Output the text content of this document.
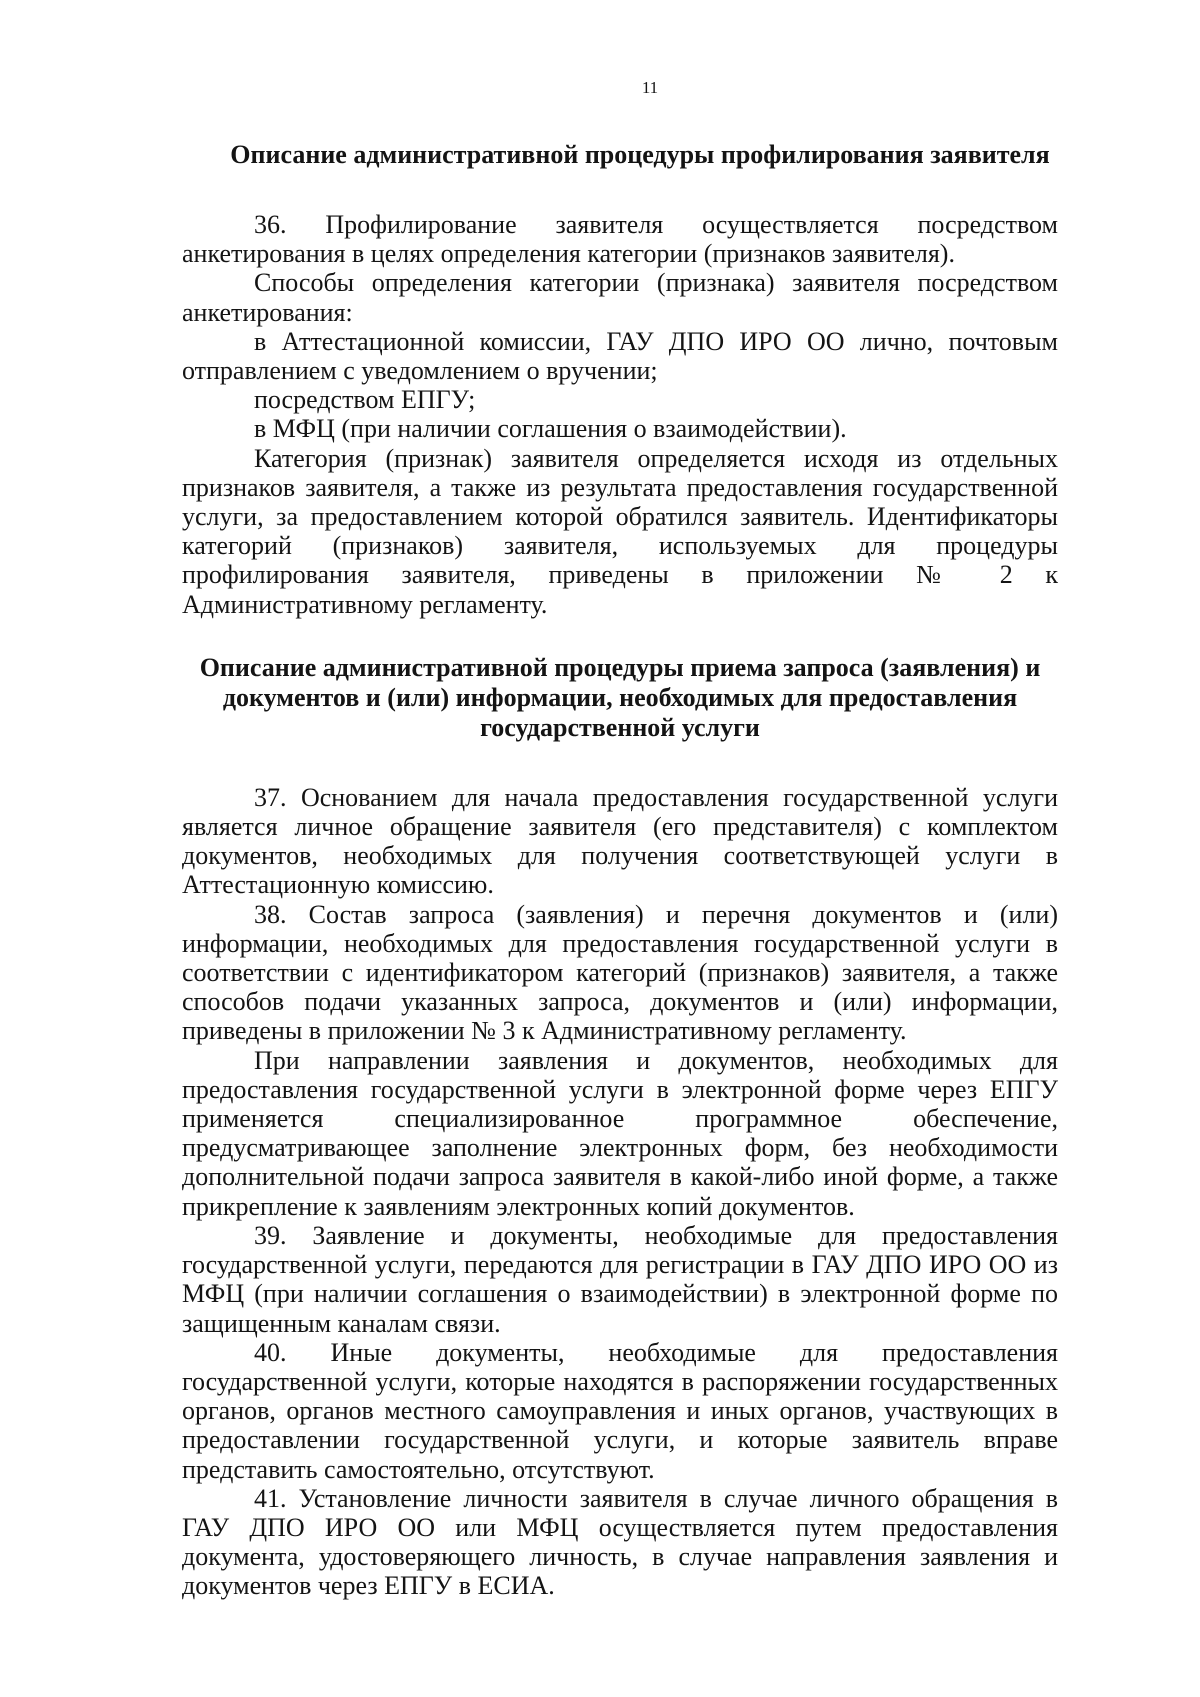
11
Описание административной процедуры профилирования заявителя

36. Профилирование заявителя осуществляется посредством анкетирования в целях определения категории (признаков заявителя).

Способы определения категории (признака) заявителя посредством анкетирования:

в Аттестационной комиссии, ГАУ ДПО ИРО ОО лично, почтовым отправлением с уведомлением о вручении;

посредством ЕПГУ;

в МФЦ (при наличии соглашения о взаимодействии).

Категория (признак) заявителя определяется исходя из отдельных признаков заявителя, а также из результата предоставления государственной услуги, за предоставлением которой обратился заявитель. Идентификаторы категорий (признаков) заявителя, используемых для процедуры профилирования заявителя, приведены в приложении № 2 к Административному регламенту.

Описание административной процедуры приема запроса (заявления) и документов и (или) информации, необходимых для предоставления государственной услуги

37. Основанием для начала предоставления государственной услуги является личное обращение заявителя (его представителя) с комплектом документов, необходимых для получения соответствующей услуги в Аттестационную комиссию.

38. Состав запроса (заявления) и перечня документов и (или) информации, необходимых для предоставления государственной услуги в соответствии с идентификатором категорий (признаков) заявителя, а также способов подачи указанных запроса, документов и (или) информации, приведены в приложении № 3 к Административному регламенту.

При направлении заявления и документов, необходимых для предоставления государственной услуги в электронной форме через ЕПГУ применяется специализированное программное обеспечение, предусматривающее заполнение электронных форм, без необходимости дополнительной подачи запроса заявителя в какой-либо иной форме, а также прикрепление к заявлениям электронных копий документов.

39. Заявление и документы, необходимые для предоставления государственной услуги, передаются для регистрации в ГАУ ДПО ИРО ОО из МФЦ (при наличии соглашения о взаимодействии) в электронной форме по защищенным каналам связи.

40. Иные документы, необходимые для предоставления государственной услуги, которые находятся в распоряжении государственных органов, органов местного самоуправления и иных органов, участвующих в предоставлении государственной услуги, и которые заявитель вправе представить самостоятельно, отсутствуют.

41. Установление личности заявителя в случае личного обращения в ГАУ ДПО ИРО ОО или МФЦ осуществляется путем предоставления документа, удостоверяющего личность, в случае направления заявления и документов через ЕПГУ в ЕСИА.
